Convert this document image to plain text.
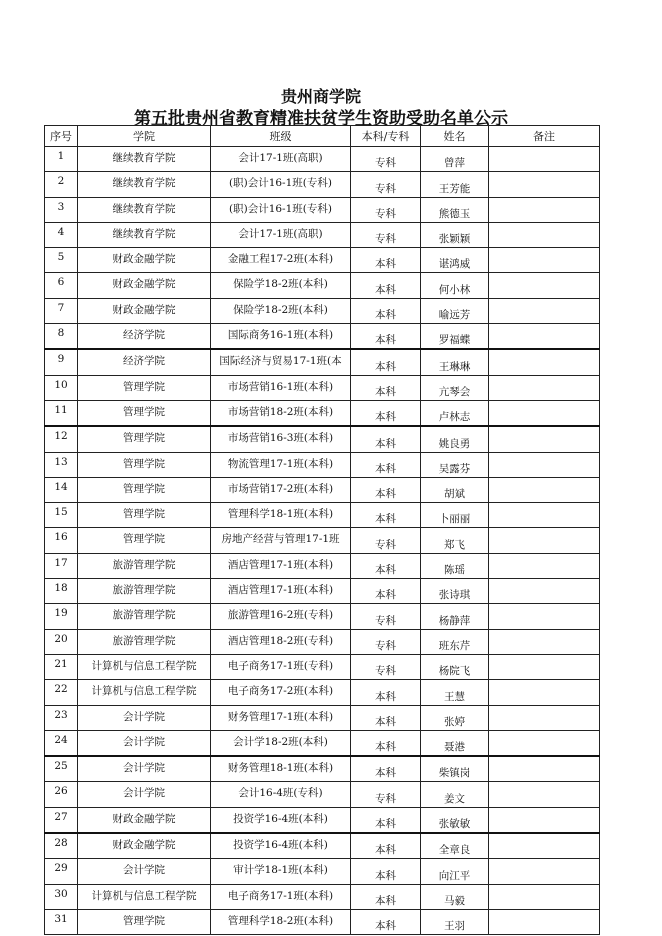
贵州商学院
第五批贵州省教育精准扶贫学生资助受助名单公示
序号	学院	班级	本科/专科	姓名	备注
1	继续教育学院	会计17-1班(高职)	专科	曾萍	
2	继续教育学院	(职)会计16-1班(专科)	专科	王芳能	
3	继续教育学院	(职)会计16-1班(专科)	专科	熊德玉	
4	继续教育学院	会计17-1班(高职)	专科	张颖颖	
5	财政金融学院	金融工程17-2班(本科)	本科	谌鸿威	
6	财政金融学院	保险学18-2班(本科)	本科	何小林	
7	财政金融学院	保险学18-2班(本科)	本科	喻远芳	
8	经济学院	国际商务16-1班(本科)	本科	罗福蝶	
9	经济学院	国际经济与贸易17-1班(本	本科	王琳琳	
10	管理学院	市场营销16-1班(本科)	本科	亢琴会	
11	管理学院	市场营销18-2班(本科)	本科	卢林志	
12	管理学院	市场营销16-3班(本科)	本科	姚良勇	
13	管理学院	物流管理17-1班(本科)	本科	吴露芬	
14	管理学院	市场营销17-2班(本科)	本科	胡斌	
15	管理学院	管理科学18-1班(本科)	本科	卜丽丽	
16	管理学院	房地产经营与管理17-1班	专科	郑飞	
17	旅游管理学院	酒店管理17-1班(本科)	本科	陈瑶	
18	旅游管理学院	酒店管理17-1班(本科)	本科	张诗琪	
19	旅游管理学院	旅游管理16-2班(专科)	专科	杨静萍	
20	旅游管理学院	酒店管理18-2班(专科)	专科	班东芹	
21	计算机与信息工程学院	电子商务17-1班(专科)	专科	杨院飞	
22	计算机与信息工程学院	电子商务17-2班(本科)	本科	王慧	
23	会计学院	财务管理17-1班(本科)	本科	张婷	
24	会计学院	会计学18-2班(本科)	本科	聂港	
25	会计学院	财务管理18-1班(本科)	本科	柴镇岗	
26	会计学院	会计16-4班(专科)	专科	姜文	
27	财政金融学院	投资学16-4班(本科)	本科	张敏敏	
28	财政金融学院	投资学16-4班(本科)	本科	全章良	
29	会计学院	审计学18-1班(本科)	本科	向江平	
30	计算机与信息工程学院	电子商务17-1班(本科)	本科	马毅	
31	管理学院	管理科学18-2班(本科)	本科	王羽	
